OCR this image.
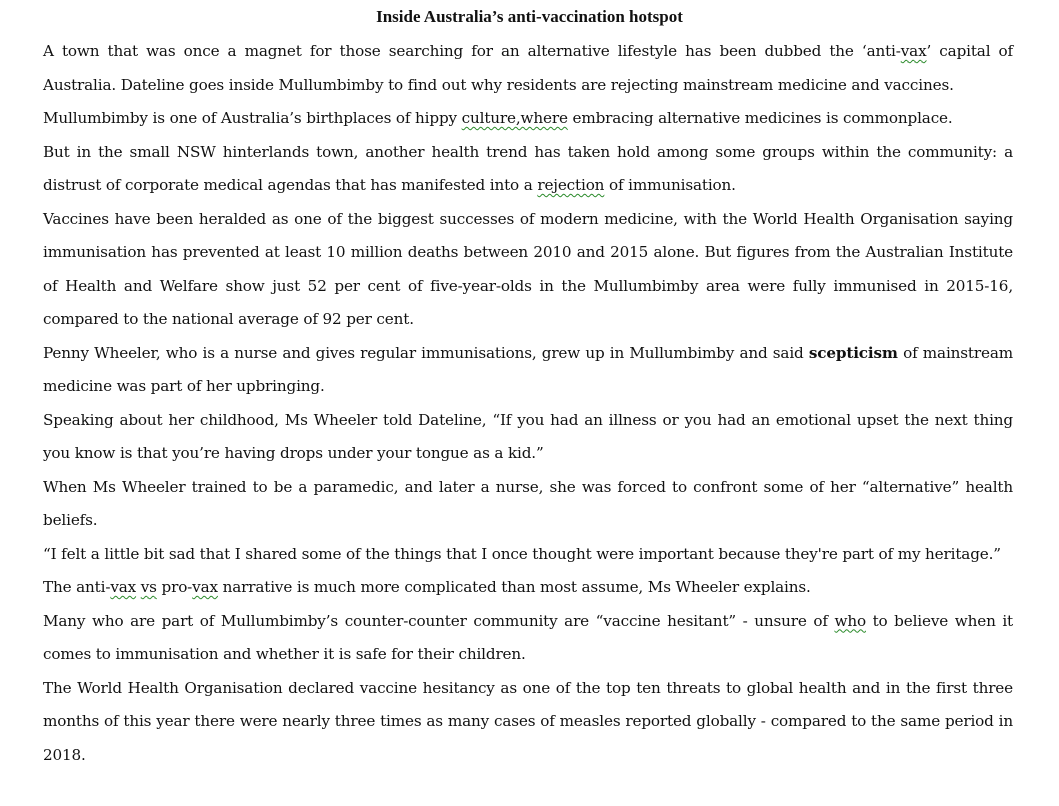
Inside Australia’s anti-vaccination hotspot

A town that was once a magnet for those searching for an alternative lifestyle has been dubbed the ‘anti-vax’ capital of Australia. Dateline goes inside Mullumbimby to find out why residents are rejecting mainstream medicine and vaccines.

Mullumbimby is one of Australia’s birthplaces of hippy culture,where embracing alternative medicines is commonplace.

But in the small NSW hinterlands town, another health trend has taken hold among some groups within the community: a distrust of corporate medical agendas that has manifested into a rejection of immunisation.

Vaccines have been heralded as one of the biggest successes of modern medicine, with the World Health Organisation saying immunisation has prevented at least 10 million deaths between 2010 and 2015 alone. But figures from the Australian Institute of Health and Welfare show just 52 per cent of five-year-olds in the Mullumbimby area were fully immunised in 2015-16, compared to the national average of 92 per cent.

Penny Wheeler, who is a nurse and gives regular immunisations, grew up in Mullumbimby and said scepticism of mainstream medicine was part of her upbringing.

Speaking about her childhood, Ms Wheeler told Dateline, “If you had an illness or you had an emotional upset the next thing you know is that you’re having drops under your tongue as a kid.”

When Ms Wheeler trained to be a paramedic, and later a nurse, she was forced to confront some of her “alternative” health beliefs.

“I felt a little bit sad that I shared some of the things that I once thought were important because they're part of my heritage.”

The anti-vax vs pro-vax narrative is much more complicated than most assume, Ms Wheeler explains.

Many who are part of Mullumbimby’s counter-counter community are “vaccine hesitant” - unsure of who to believe when it comes to immunisation and whether it is safe for their children.

The World Health Organisation declared vaccine hesitancy as one of the top ten threats to global health and in the first three months of this year there were nearly three times as many cases of measles reported globally - compared to the same period in 2018.
